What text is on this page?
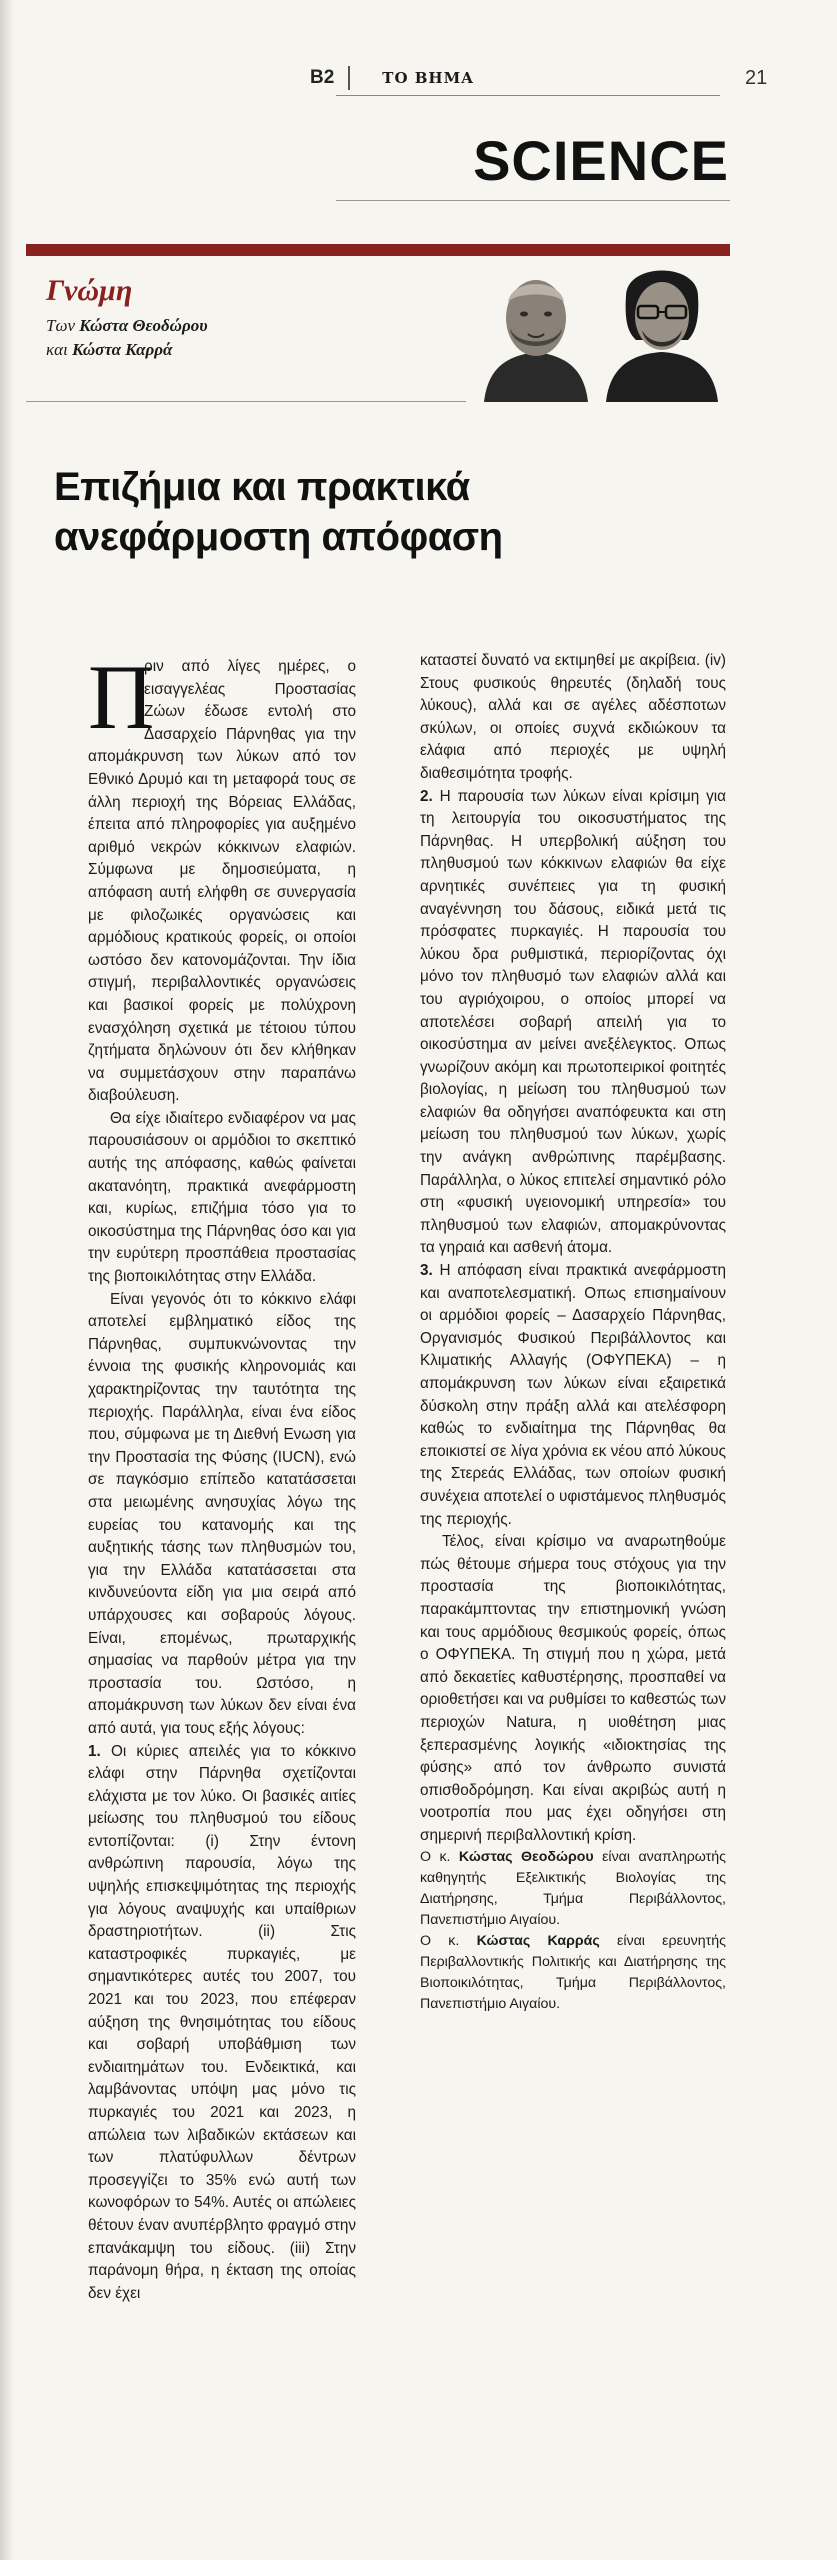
B2	ΤΟ ΒΗΜΑ	21
SCIENCE
Γνώμη
Των Κώστα Θεοδώρου
και Κώστα Καρρά
Επιζήμια και πρακτικά
ανεφάρμοστη απόφαση

Π
ριν από λίγες ημέρες, ο εισαγγελέας Προστασίας Ζώων έδωσε εντολή στο Δασαρχείο Πάρνηθας για την απομάκρυνση των λύκων από τον Εθνικό Δρυμό και τη μεταφορά τους σε άλλη περιοχή της Βόρειας Ελλάδας, έπειτα από πληροφορίες για αυξημένο αριθμό νεκρών κόκκινων ελαφιών. Σύμφωνα με δημοσιεύματα, η απόφαση αυτή ελήφθη σε συνεργασία με φιλοζωικές οργανώσεις και αρμόδιους κρατικούς φορείς, οι οποίοι ωστόσο δεν κατονομάζονται. Την ίδια στιγμή, περιβαλλοντικές οργανώσεις και βασικοί φορείς με πολύχρονη ενασχόληση σχετικά με τέτοιου τύπου ζητήματα δηλώνουν ότι δεν κλήθηκαν να συμμετάσχουν στην παραπάνω διαβούλευση.

Θα είχε ιδιαίτερο ενδιαφέρον να μας παρουσιάσουν οι αρμόδιοι το σκεπτικό αυτής της απόφασης, καθώς φαίνεται ακατανόητη, πρακτικά ανεφάρμοστη και, κυρίως, επιζήμια τόσο για το οικοσύστημα της Πάρνηθας όσο και για την ευρύτερη προσπάθεια προστασίας της βιοποικιλότητας στην Ελλάδα.

Είναι γεγονός ότι το κόκκινο ελάφι αποτελεί εμβληματικό είδος της Πάρνηθας, συμπυκνώνοντας την έννοια της φυσικής κληρονομιάς και χαρακτηρίζοντας την ταυτότητα της περιοχής. Παράλληλα, είναι ένα είδος που, σύμφωνα με τη Διεθνή Ενωση για την Προστασία της Φύσης (IUCN), ενώ σε παγκόσμιο επίπεδο κατατάσσεται στα μειωμένης ανησυχίας λόγω της ευρείας του κατανομής και της αυξητικής τάσης των πληθυσμών του, για την Ελλάδα κατατάσσεται στα κινδυνεύοντα είδη για μια σειρά από υπάρχουσες και σοβαρούς λόγους. Είναι, επομένως, πρωταρχικής σημασίας να παρθούν μέτρα για την προστασία του. Ωστόσο, η απομάκρυνση των λύκων δεν είναι ένα από αυτά, για τους εξής λόγους:

1. Οι κύριες απειλές για το κόκκινο ελάφι στην Πάρνηθα σχετίζονται ελάχιστα με τον λύκο. Οι βασικές αιτίες μείωσης του πληθυσμού του είδους εντοπίζονται: (i) Στην έντονη ανθρώπινη παρουσία, λόγω της υψηλής επισκεψιμότητας της περιοχής για λόγους αναψυχής και υπαίθριων δραστηριοτήτων. (ii) Στις καταστροφικές πυρκαγιές, με σημαντικότερες αυτές του 2007, του 2021 και του 2023, που επέφεραν αύξηση της θνησιμότητας του είδους και σοβαρή υποβάθμιση των ενδιαιτημάτων του. Ενδεικτικά, και λαμβάνοντας υπόψη μας μόνο τις πυρκαγιές του 2021 και 2023, η απώλεια των λιβαδικών εκτάσεων και των πλατύφυλλων δέντρων προσεγγίζει το 35% ενώ αυτή των κωνοφόρων το 54%. Αυτές οι απώλειες θέτουν έναν ανυπέρβλητο φραγμό στην επανάκαμψη του είδους. (iii) Στην παράνομη θήρα, η έκταση της οποίας δεν έχει

καταστεί δυνατό να εκτιμηθεί με ακρίβεια. (iv) Στους φυσικούς θηρευτές (δηλαδή τους λύκους), αλλά και σε αγέλες αδέσποτων σκύλων, οι οποίες συχνά εκδιώκουν τα ελάφια από περιοχές με υψηλή διαθεσιμότητα τροφής.

2. Η παρουσία των λύκων είναι κρίσιμη για τη λειτουργία του οικοσυστήματος της Πάρνηθας. Η υπερβολική αύξηση του πληθυσμού των κόκκινων ελαφιών θα είχε αρνητικές συνέπειες για τη φυσική αναγέννηση του δάσους, ειδικά μετά τις πρόσφατες πυρκαγιές. Η παρουσία του λύκου δρα ρυθμιστικά, περιορίζοντας όχι μόνο τον πληθυσμό των ελαφιών αλλά και του αγριόχοιρου, ο οποίος μπορεί να αποτελέσει σοβαρή απειλή για το οικοσύστημα αν μείνει ανεξέλεγκτος. Οπως γνωρίζουν ακόμη και πρωτοπειρικοί φοιτητές βιολογίας, η μείωση του πληθυσμού των ελαφιών θα οδηγήσει αναπόφευκτα και στη μείωση του πληθυσμού των λύκων, χωρίς την ανάγκη ανθρώπινης παρέμβασης. Παράλληλα, ο λύκος επιτελεί σημαντικό ρόλο στη «φυσική υγειονομική υπηρεσία» του πληθυσμού των ελαφιών, απομακρύνοντας τα γηραιά και ασθενή άτομα.

3. Η απόφαση είναι πρακτικά ανεφάρμοστη και αναποτελεσματική. Οπως επισημαίνουν οι αρμόδιοι φορείς – Δασαρχείο Πάρνηθας, Οργανισμός Φυσικού Περιβάλλοντος και Κλιματικής Αλλαγής (ΟΦΥΠΕΚΑ) – η απομάκρυνση των λύκων είναι εξαιρετικά δύσκολη στην πράξη αλλά και ατελέσφορη καθώς το ενδιαίτημα της Πάρνηθας θα εποικιστεί σε λίγα χρόνια εκ νέου από λύκους της Στερεάς Ελλάδας, των οποίων φυσική συνέχεια αποτελεί ο υφιστάμενος πληθυσμός της περιοχής.

Τέλος, είναι κρίσιμο να αναρωτηθούμε πώς θέτουμε σήμερα τους στόχους για την προστασία της βιοποικιλότητας, παρακάμπτοντας την επιστημονική γνώση και τους αρμόδιους θεσμικούς φορείς, όπως ο ΟΦΥΠΕΚΑ. Τη στιγμή που η χώρα, μετά από δεκαετίες καθυστέρησης, προσπαθεί να οριοθετήσει και να ρυθμίσει το καθεστώς των περιοχών Natura, η υιοθέτηση μιας ξεπερασμένης λογικής «ιδιοκτησίας της φύσης» από τον άνθρωπο συνιστά οπισθοδρόμηση. Και είναι ακριβώς αυτή η νοοτροπία που μας έχει οδηγήσει στη σημερινή περιβαλλοντική κρίση.

Ο κ. Κώστας Θεοδώρου είναι αναπληρωτής καθηγητής Εξελικτικής Βιολογίας της Διατήρησης, Τμήμα Περιβάλλοντος, Πανεπιστήμιο Αιγαίου.

Ο κ. Κώστας Καρράς είναι ερευνητής Περιβαλλοντικής Πολιτικής και Διατήρησης της Βιοποικιλότητας, Τμήμα Περιβάλλοντος, Πανεπιστήμιο Αιγαίου.
